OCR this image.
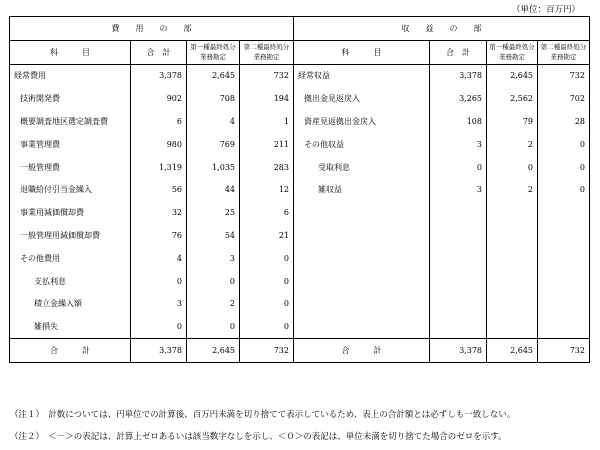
（単位：百万円）
費　　用　　の　　部				収　　益　　の　　部			
科　　　目	合　計	第一種最終処分業務勘定	第二種最終処分業務勘定	科　　　目	合　計	第一種最終処分業務勘定	第二種最終処分業務勘定
経常費用	3,378	2,645	732	経常収益	3,378	2,645	732
技術開発費	902	708	194	拠出金見返戻入	3,265	2,562	702
概要調査地区選定調査費	6	4	1	資産見返拠出金戻入	108	79	28
事業管理費	980	769	211	その他収益	3	2	0
一般管理費	1,319	1,035	283	受取利息	0	0	0
退職給付引当金繰入	56	44	12	雑収益	3	2	0
事業用減価償却費	32	25	6				
一般管理用減価償却費	76	54	21				
その他費用	4	3	0				
支払利息	0	0	0				
積立金繰入額	3	2	0				
雑損失	0	0	0				
合　　　計	3,378	2,645	732	合　　　計	3,378	2,645	732
（注１）　計数については、円単位での計算後、百万円未満を切り捨てて表示しているため、表上の合計額とは必ずしも一致しない。
（注２）　＜－＞の表記は、計算上ゼロあるいは該当数字なしを示し、＜０＞の表記は、単位未満を切り捨てた場合のゼロを示す。
